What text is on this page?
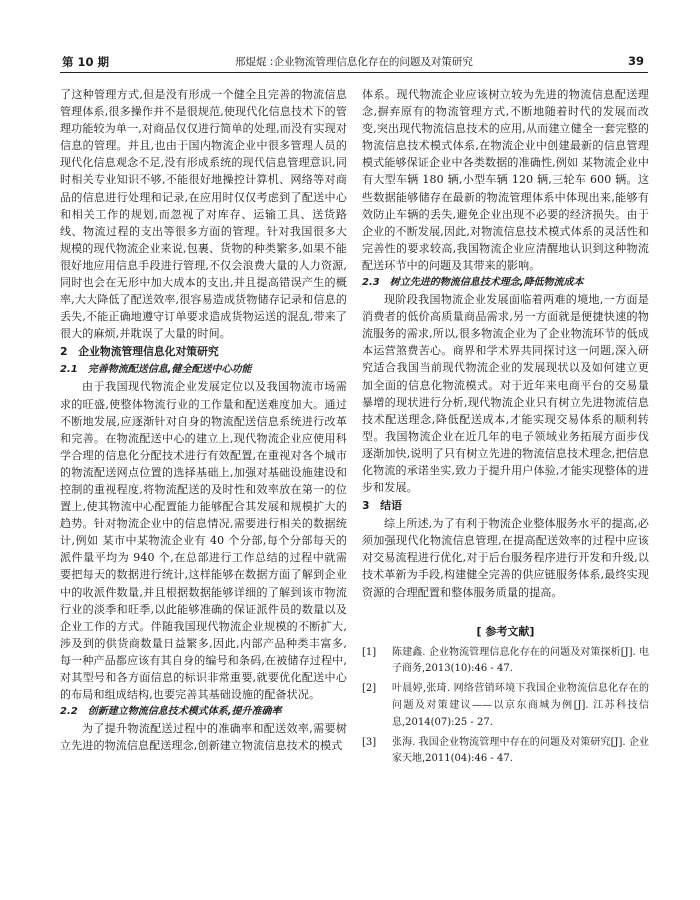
第 10 期	邢焜焜 :企业物流管理信息化存在的问题及对策研究	39

了这种管理方式,但是没有形成一个健全且完善的物流信息管理体系,很多操作并不是很规范,使现代化信息技术下的管理功能较为单一,对商品仅仅进行简单的处理,而没有实现对信息的管理。并且,也由于国内物流企业中很多管理人员的现代化信息观念不足,没有形成系统的现代信息管理意识,同时相关专业知识不够,不能很好地操控计算机、网络等对商品的信息进行处理和记录,在应用时仅仅考虑到了配送中心和相关工作的规划,而忽视了对库存、运输工具、送货路线、物流过程的支出等很多方面的管理。针对我国很多大规模的现代物流企业来说,包裹、货物的种类繁多,如果不能很好地应用信息手段进行管理,不仅会浪费大量的人力资源,同时也会在无形中加大成本的支出,并且提高错误产生的概率,大大降低了配送效率,很容易造成货物储存记录和信息的丢失,不能正确地遵守订单要求造成货物运送的混乱,带来了很大的麻烦,并耽误了大量的时间。

2　企业物流管理信息化对策研究
2.1　完善物流配送信息,健全配送中心功能

由于我国现代物流企业发展定位以及我国物流市场需求的旺盛,使整体物流行业的工作量和配送难度加大。通过不断地发展,应逐渐针对自身的物流配送信息系统进行改革和完善。在物流配送中心的建立上,现代物流企业应使用科学合理的信息化分配技术进行有效配置,在重视对各个城市的物流配送网点位置的选择基础上,加强对基础设施建设和控制的重视程度,将物流配送的及时性和效率放在第一的位置上,使其物流中心配置能力能够配合其发展和规模扩大的趋势。针对物流企业中的信息情况,需要进行相关的数据统计,例如 某市中某物流企业有 40 个分部,每个分部每天的派件量平均为 940 个,在总部进行工作总结的过程中就需要把每天的数据进行统计,这样能够在数据方面了解到企业中的收派件数量,并且根据数据能够详细的了解到该市物流行业的淡季和旺季,以此能够准确的保证派件员的数量以及企业工作的方式。伴随我国现代物流企业规模的不断扩大,涉及到的供货商数量日益繁多,因此,内部产品种类丰富多,每一种产品都应该有其自身的编号和条码,在被储存过程中,对其型号和各方面信息的标识非常重要,就要优化配送中心的布局和组成结构,也要完善其基础设施的配备状况。

2.2　创新建立物流信息技术模式体系,提升准确率

为了提升物流配送过程中的准确率和配送效率,需要树立先进的物流信息配送理念,创新建立物流信息技术的模式

体系。现代物流企业应该树立较为先进的物流信息配送理念,摒弃原有的物流管理方式,不断地随着时代的发展而改变,突出现代物流信息技术的应用,从而建立健全一套完整的物流信息技术模式体系,在物流企业中创建最新的信息管理模式能够保证企业中各类数据的准确性,例如 某物流企业中有大型车辆 180 辆,小型车辆 120 辆,三轮车 600 辆。这些数据能够储存在最新的物流管理体系中体现出来,能够有效防止车辆的丢失,避免企业出现不必要的经济损失。由于企业的不断发展,因此,对物流信息技术模式体系的灵活性和完善性的要求较高,我国物流企业应清醒地认识到这种物流配送环节中的问题及其带来的影响。

2.3　树立先进的物流信息技术理念,降低物流成本

现阶段我国物流企业发展面临着两难的境地,一方面是消费者的低价高质量商品需求,另一方面就是便捷快速的物流服务的需求,所以,很多物流企业为了企业物流环节的低成本运营煞费苦心。商界和学术界共同探讨这一问题,深入研究适合我国当前现代物流企业的发展现状以及如何建立更加全面的信息化物流模式。对于近年来电商平台的交易量暴增的现状进行分析,现代物流企业只有树立先进物流信息技术配送理念,降低配送成本,才能实现交易体系的顺利转型。我国物流企业在近几年的电子领域业务拓展方面步伐逐渐加快,说明了只有树立先进的物流信息技术理念,把信息化物流的承诺坐实,致力于提升用户体验,才能实现整体的进步和发展。

3　结语

综上所述,为了有利于物流企业整体服务水平的提高,必须加强现代化物流信息管理,在提高配送效率的过程中应该对交易流程进行优化,对于后台服务程序进行开发和升级,以技术革新为手段,构建健全完善的供应链服务体系,最终实现资源的合理配置和整体服务质量的提高。

[ 参考文献]
[1] 陈建鑫. 企业物流管理信息化存在的问题及对策探析[J]. 电子商务,2013(10):46 - 47.
[2] 叶晨婷,张琦. 网络营销环境下我国企业物流信息化存在的问题及对策建议——以京东商城为例[J]. 江苏科技信息,2014(07):25 - 27.
[3] 张海. 我国企业物流管理中存在的问题及对策研究[J]. 企业家天地,2011(04):46 - 47.
